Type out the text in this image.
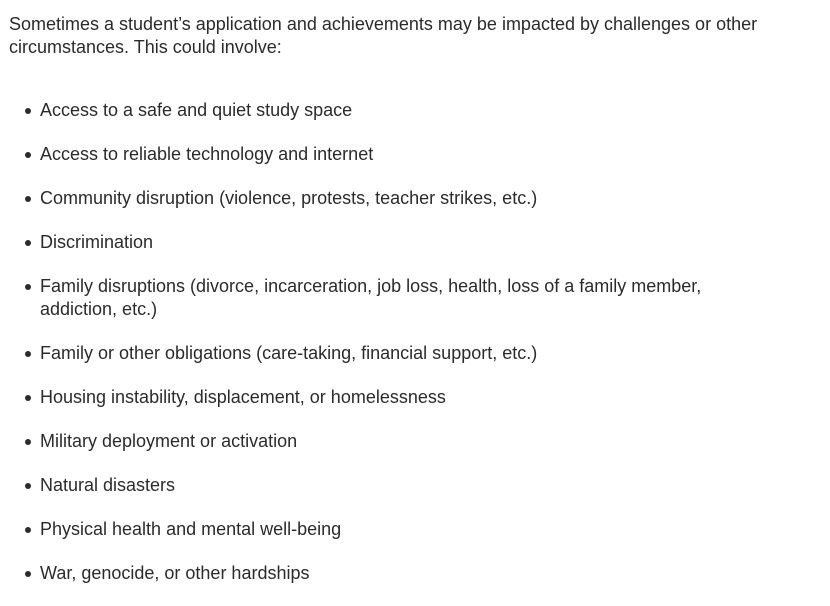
Sometimes a student’s application and achievements may be impacted by challenges or other circumstances. This could involve:

Access to a safe and quiet study space
Access to reliable technology and internet
Community disruption (violence, protests, teacher strikes, etc.)
Discrimination
Family disruptions (divorce, incarceration, job loss, health, loss of a family member, addiction, etc.)
Family or other obligations (care-taking, financial support, etc.)
Housing instability, displacement, or homelessness
Military deployment or activation
Natural disasters
Physical health and mental well-being
War, genocide, or other hardships
